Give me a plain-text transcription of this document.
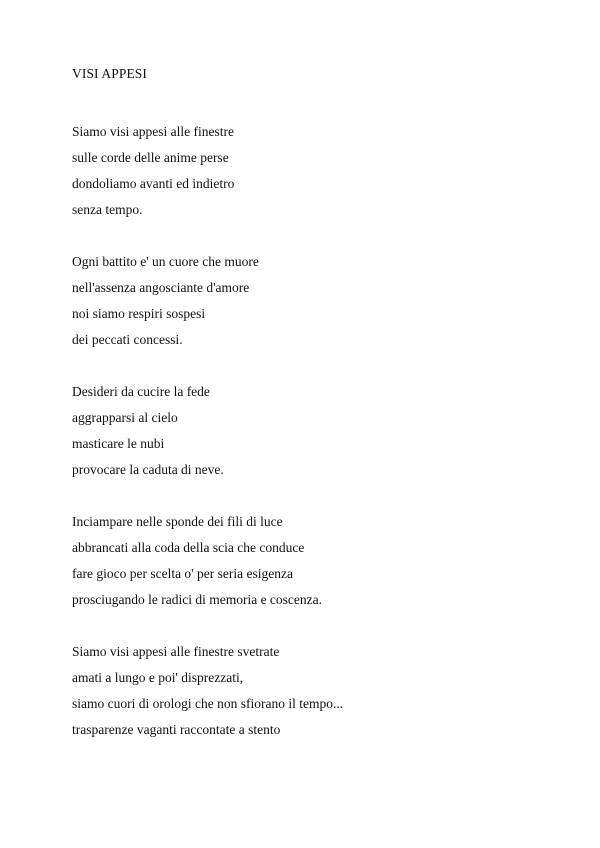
VISI APPESI
Siamo visi appesi alle finestre
sulle corde delle anime perse
dondoliamo avanti ed indietro
senza tempo.
Ogni battito e' un cuore che muore
nell'assenza angosciante d'amore
noi siamo respiri sospesi
dei peccati concessi.
Desideri da cucire la fede
aggrapparsi al cielo
masticare le nubi
provocare la caduta di neve.
Inciampare nelle sponde dei fili di luce
abbrancati alla coda della scia che conduce
fare gioco per scelta o' per seria esigenza
prosciugando le radici di memoria e coscenza.
Siamo visi appesi alle finestre svetrate
amati a lungo e poi' disprezzati,
siamo cuori di orologi che non sfiorano il tempo...
trasparenze vaganti raccontate a stento
